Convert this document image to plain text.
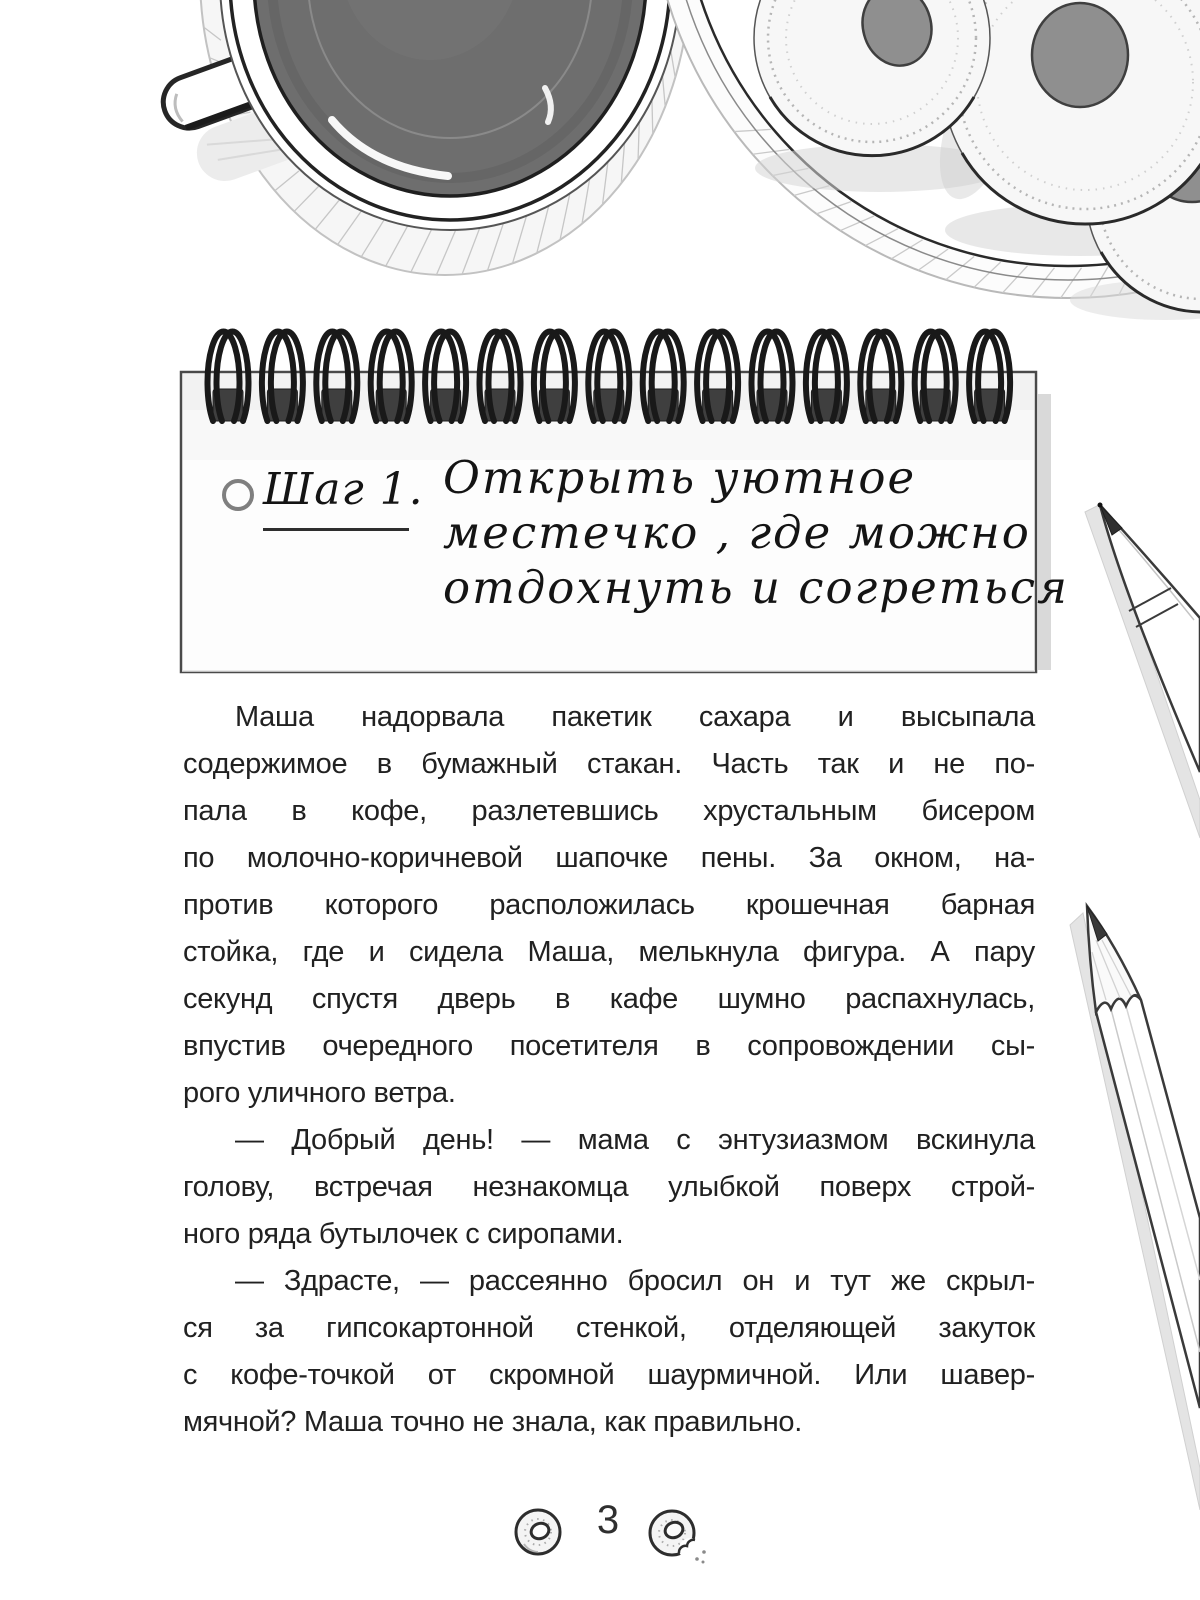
Шаг 1. Открыть уютное
местечко , где можно
отдохнуть и согреться
Маша надорвала пакетик сахара и высыпала
содержимое в бумажный стакан. Часть так и не по-
пала в кофе, разлетевшись хрустальным бисером
по молочно-коричневой шапочке пены. За окном, на-
против которого расположилась крошечная барная
стойка, где и сидела Маша, мелькнула фигура. А пару
секунд спустя дверь в кафе шумно распахнулась,
впустив очередного посетителя в сопровождении сы-
рого уличного ветра.
— Добрый день! — мама с энтузиазмом вскинула
голову, встречая незнакомца улыбкой поверх строй-
ного ряда бутылочек с сиропами.
— Здрасте, — рассеянно бросил он и тут же скрыл-
ся за гипсокартонной стенкой, отделяющей закуток
с кофе-точкой от скромной шаурмичной. Или шавер-
мячной? Маша точно не знала, как правильно.
3
